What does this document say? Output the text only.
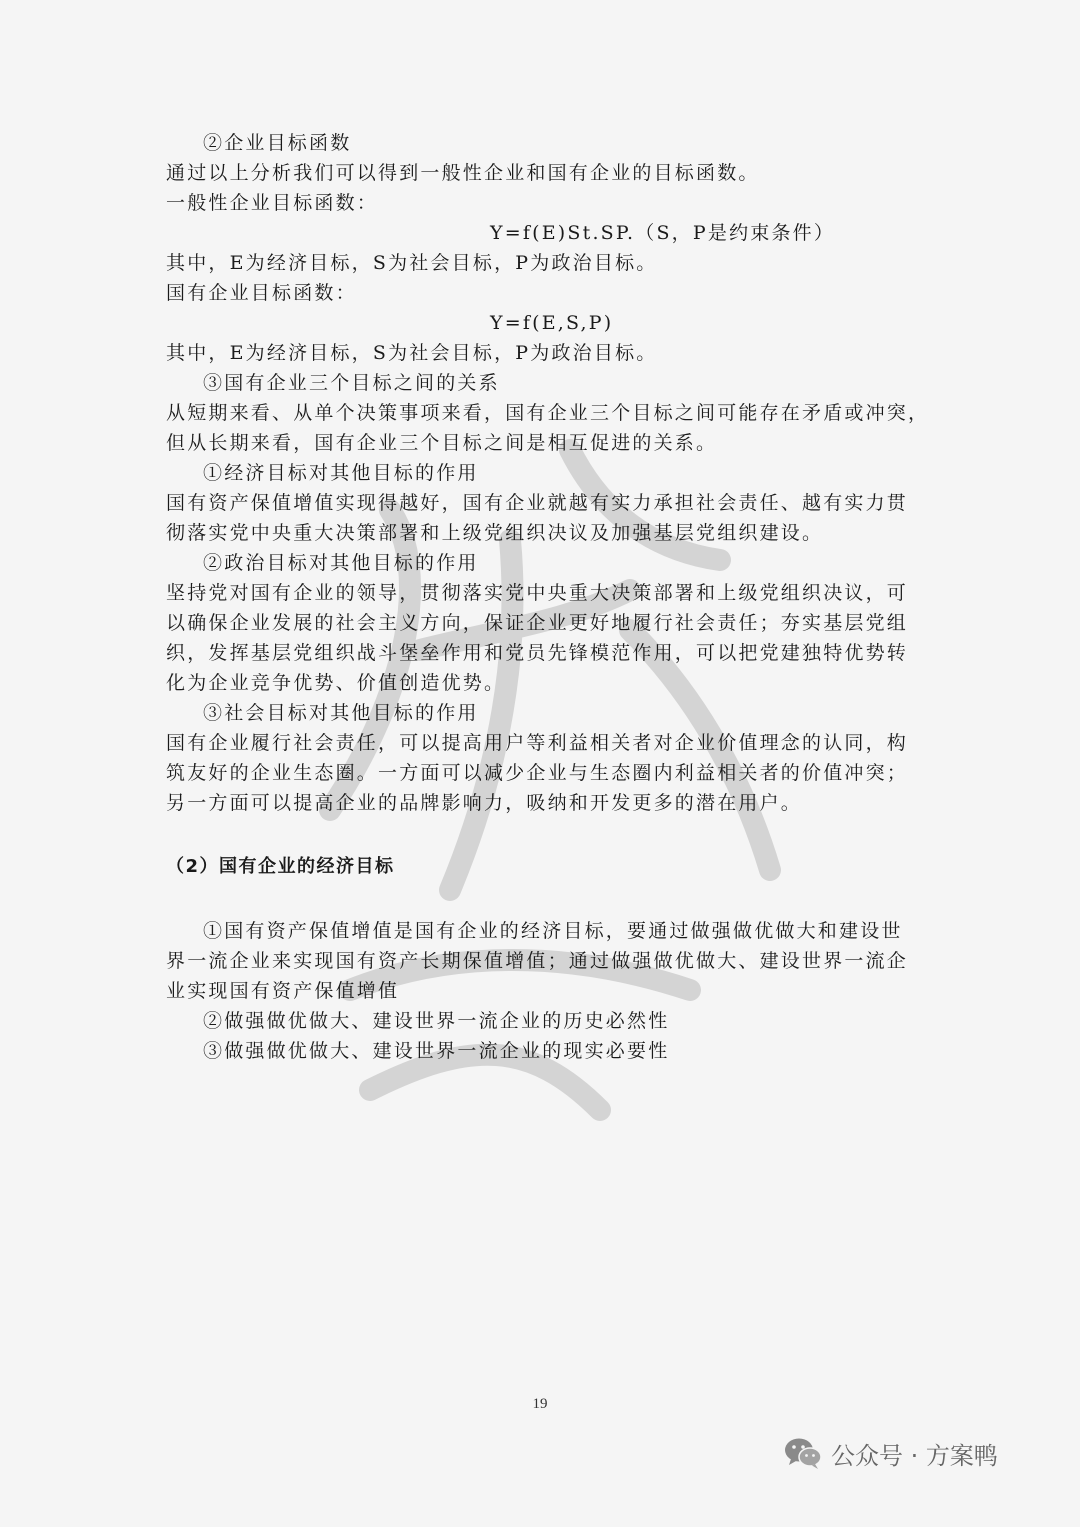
②企业目标函数

通过以上分析我们可以得到一般性企业和国有企业的目标函数。

一般性企业目标函数：

Y=f(E)St.SP.（S，P是约束条件）

其中，E为经济目标，S为社会目标，P为政治目标。

国有企业目标函数：

Y=f(E,S,P)

其中，E为经济目标，S为社会目标，P为政治目标。

③国有企业三个目标之间的关系

从短期来看、从单个决策事项来看，国有企业三个目标之间可能存在矛盾或冲突，

但从长期来看，国有企业三个目标之间是相互促进的关系。

①经济目标对其他目标的作用

国有资产保值增值实现得越好，国有企业就越有实力承担社会责任、越有实力贯

彻落实党中央重大决策部署和上级党组织决议及加强基层党组织建设。

②政治目标对其他目标的作用

坚持党对国有企业的领导，贯彻落实党中央重大决策部署和上级党组织决议，可

以确保企业发展的社会主义方向，保证企业更好地履行社会责任；夯实基层党组

织，发挥基层党组织战斗堡垒作用和党员先锋模范作用，可以把党建独特优势转

化为企业竞争优势、价值创造优势。

③社会目标对其他目标的作用

国有企业履行社会责任，可以提高用户等利益相关者对企业价值理念的认同，构

筑友好的企业生态圈。一方面可以减少企业与生态圈内利益相关者的价值冲突；

另一方面可以提高企业的品牌影响力，吸纳和开发更多的潜在用户。

（2）国有企业的经济目标

①国有资产保值增值是国有企业的经济目标，要通过做强做优做大和建设世

界一流企业来实现国有资产长期保值增值；通过做强做优做大、建设世界一流企

业实现国有资产保值增值

②做强做优做大、建设世界一流企业的历史必然性

③做强做优做大、建设世界一流企业的现实必要性

19
公众号 · 方案鸭
